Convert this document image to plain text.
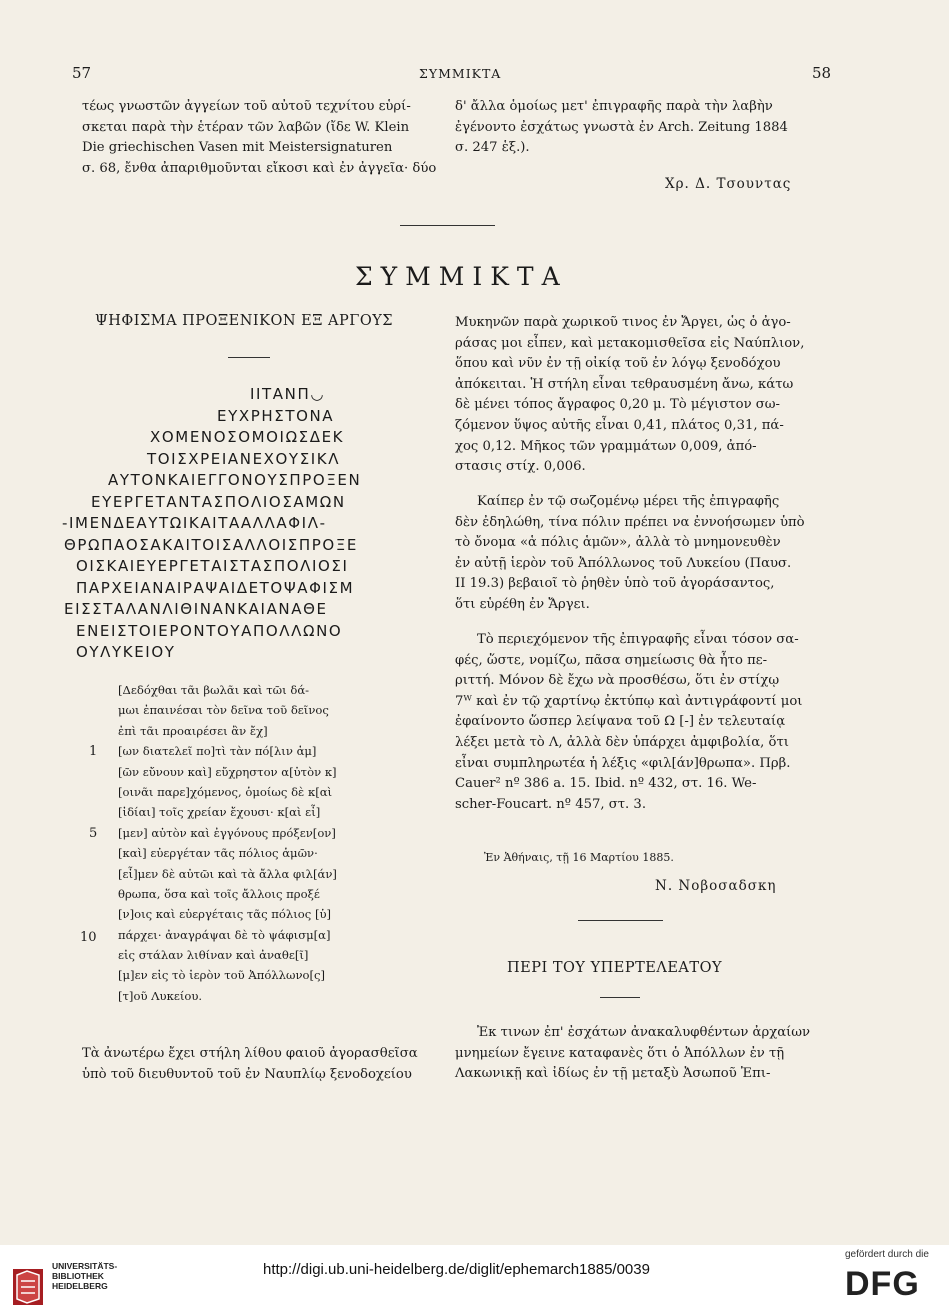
57	ΣΥΜΜΙΚΤΑ	58
τέως γνωστῶν ἀγγείων τοῦ αὐτοῦ τεχνίτου εὑρί-
σκεται παρὰ τὴν ἑτέραν τῶν λαβῶν (ἴδε W. Klein
Die griechischen Vasen mit Meistersignaturen
σ. 68, ἔνθα ἀπαριθμοῦνται εἴκοσι καὶ ἐν ἀγγεῖα· δύο
δ' ἄλλα ὁμοίως μετ' ἐπιγραφῆς παρὰ τὴν λαβὴν
ἐγένοντο ἐσχάτως γνωστὰ ἐν Arch. Zeitung 1884
σ. 247 ἑξ.).
Χρ. Δ. Τσουντας
ΣΥΜΜΙΚΤΑ
ΨΗΦΙΣΜΑ ΠΡΟΞΕΝΙΚΟΝ ΕΞ ΑΡΓΟΥΣ
ΙΙΤΑΝΠ◡
ΕΥΧΡΗΣΤΟΝΑ
ΧΟΜΕΝΟΣΟΜΟΙΩΣΔΕΚ
ΤΟΙΣΧΡΕΙΑΝΕΧΟΥΣΙΚΛ
ΑΥΤΟΝΚΑΙΕΓΓΟΝΟΥΣΠΡΟΞΕΝ
ΕΥΕΡΓΕΤΑΝΤΑΣΠΟΛΙΟΣΑΜΩΝ
-ΙΜΕΝΔΕΑΥΤΩΙΚΑΙΤΑΑΛΛΑΦΙΛ-
ΘΡΩΠΑΟΣΑΚΑΙΤΟΙΣΑΛΛΟΙΣΠΡΟΞΕ
ΟΙΣΚΑΙΕΥΕΡΓΕΤΑΙΣΤΑΣΠΟΛΙΟΣΙ
ΠΑΡΧΕΙΑΝΑΙΡΑΨΑΙΔΕΤΟΨΑΦΙΣΜ
ΕΙΣΣΤΑΛΑΝΛΙΘΙΝΑΝΚΑΙΑΝΑΘΕ
ΕΝΕΙΣΤΟΙΕΡΟΝΤΟΥΑΠΟΛΛΩΝΟ
ΟΥΛΥΚΕΙΟΥ
[Δεδόχθαι τᾶι βωλᾶι καὶ τῶι δά-
μωι ἐπαινέσαι τὸν δεῖνα τοῦ δεῖνος
ἐπὶ τᾶι προαιρέσει ἂν ἔχ]
[ων διατελεῖ πο]τὶ τὰν πό[λιν ἁμ]
[ῶν εὔνουν καὶ] εὔχρηστον α[ὐτὸν κ]
[οινᾶι παρε]χόμενος, ὁμοίως δὲ κ[αὶ
[ἰδίαι] τοῖς χρείαν ἔχουσι· κ[αὶ εἶ]
[μεν] αὐτὸν καὶ ἐγγόνους πρόξεν[ον]
[καὶ] εὐεργέταν τᾶς πόλιος ἁμῶν·
[εἶ]μεν δὲ αὐτῶι καὶ τὰ ἄλλα φιλ[άν]
θρωπα, ὅσα καὶ τοῖς ἄλλοις προξέ
[ν]οις καὶ εὐεργέταις τᾶς πόλιος [ὑ]
πάρχει· ἀναγράψαι δὲ τὸ ψάφισμ[α]
εἰς στάλαν λιθίναν καὶ ἀναθε[ῖ]
[μ]εν εἰς τὸ ἱερὸν τοῦ Ἀπόλλωνο[ς]
[τ]οῦ Λυκείου.
1
5
10
Τὰ ἀνωτέρω ἔχει στήλη λίθου φαιοῦ ἀγορασθεῖσα
ὑπὸ τοῦ διευθυντοῦ τοῦ ἐν Ναυπλίῳ ξενοδοχείου
Μυκηνῶν παρὰ χωρικοῦ τινος ἐν Ἄργει, ὡς ὁ ἀγο-
ράσας μοι εἶπεν, καὶ μετακομισθεῖσα εἰς Ναύπλιον,
ὅπου καὶ νῦν ἐν τῇ οἰκίᾳ τοῦ ἐν λόγῳ ξενοδόχου
ἀπόκειται. Ἡ στήλη εἶναι τεθραυσμένη ἄνω, κάτω
δὲ μένει τόπος ἄγραφος 0,20 μ. Τὸ μέγιστον σω-
ζόμενον ὕψος αὐτῆς εἶναι 0,41, πλάτος 0,31, πά-
χος 0,12. Μῆκος τῶν γραμμάτων 0,009, ἀπό-
στασις στίχ. 0,006.
Καίπερ ἐν τῷ σωζομένῳ μέρει τῆς ἐπιγραφῆς
δὲν ἐδηλώθη, τίνα πόλιν πρέπει να ἐννοήσωμεν ὑπὸ
τὸ ὄνομα «ἁ πόλις ἁμῶν», ἀλλὰ τὸ μνημονευθὲν
ἐν αὐτῇ ἱερὸν τοῦ Ἀπόλλωνος τοῦ Λυκείου (Παυσ.
II 19.3) βεβαιοῖ τὸ ῥηθὲν ὑπὸ τοῦ ἀγοράσαντος,
ὅτι εὑρέθη ἐν Ἄργει.
Τὸ περιεχόμενον τῆς ἐπιγραφῆς εἶναι τόσον σα-
φές, ὥστε, νομίζω, πᾶσα σημείωσις θὰ ἦτο πε-
ριττή. Μόνον δὲ ἔχω νὰ προσθέσω, ὅτι ἐν στίχῳ
7ᵂ καὶ ἐν τῷ χαρτίνῳ ἐκτύπῳ καὶ ἀντιγράφοντί μοι
ἐφαίνοντο ὥσπερ λείψανα τοῦ Ω [-] ἐν τελευταίᾳ
λέξει μετὰ τὸ Λ, ἀλλὰ δὲν ὑπάρχει ἀμφιβολία, ὅτι
εἶναι συμπληρωτέα ἡ λέξις «φιλ[άν]θρωπα». Πρβ.
Cauer² nº 386 a. 15. Ibid. nº 432, στ. 16. We-
scher-Foucart. nº 457, στ. 3.
Ἐν Ἀθήναις, τῇ 16 Μαρτίου 1885.
Ν. Νοβοσαδσκη
ΠΕΡΙ ΤΟΥ ΥΠΕΡΤΕΛΕΑΤΟΥ
Ἐκ τινων ἐπ' ἐσχάτων ἀνακαλυφθέντων ἀρχαίων
μνημείων ἔγεινε καταφανὲς ὅτι ὁ Ἀπόλλων ἐν τῇ
Λακωνικῇ καὶ ἰδίως ἐν τῇ μεταξὺ Ἀσωποῦ Ἐπι-
UNIVERSITÄTS-
BIBLIOTHEK
HEIDELBERG
http://digi.ub.uni-heidelberg.de/diglit/ephemarch1885/0039
gefördert durch die
DFG
